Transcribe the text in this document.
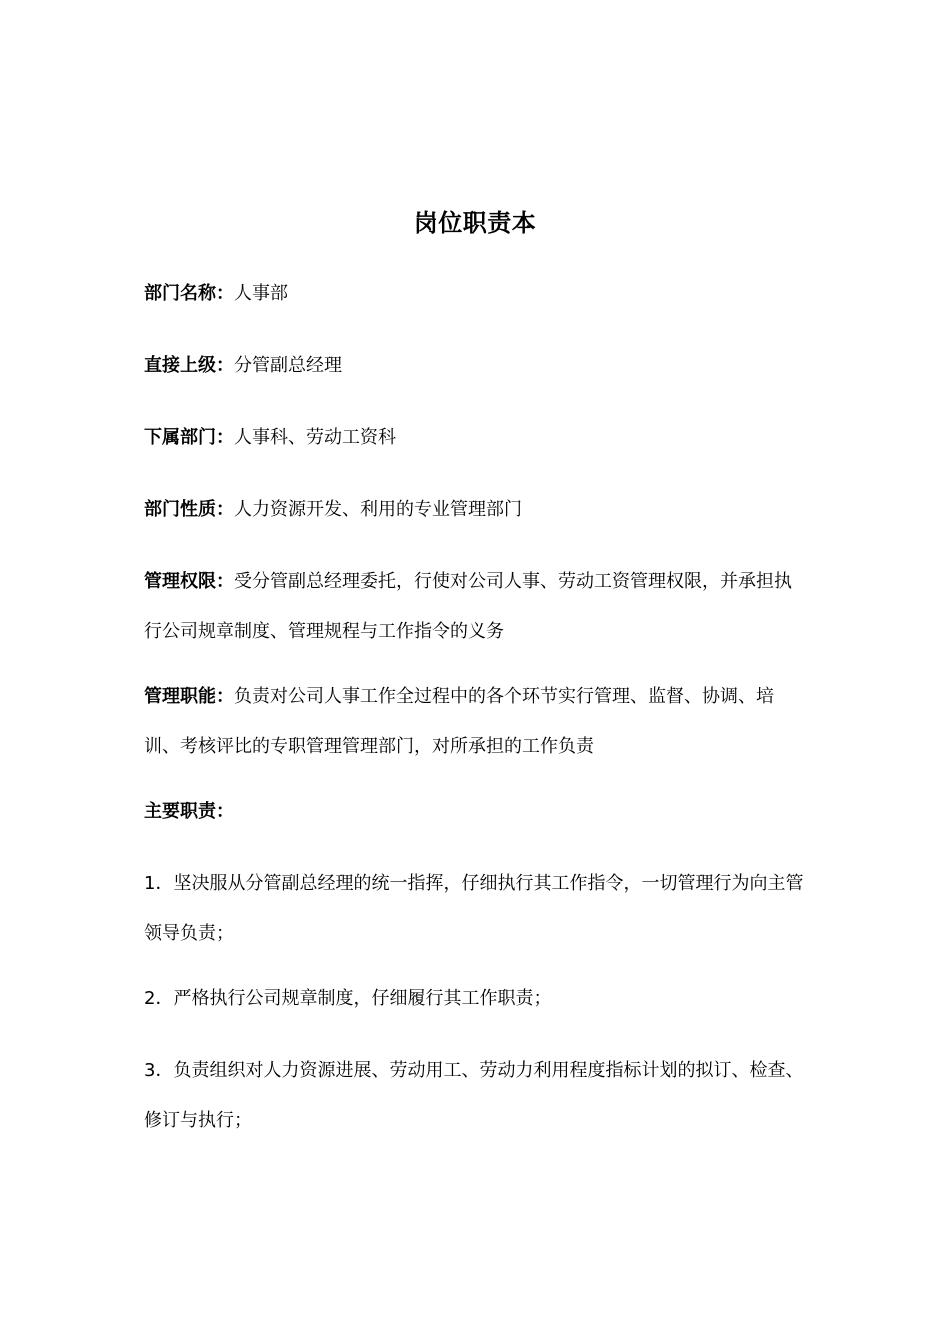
岗位职责本

部门名称：人事部

直接上级：分管副总经理

下属部门：人事科、劳动工资科

部门性质：人力资源开发、利用的专业管理部门

管理权限：受分管副总经理委托，行使对公司人事、劳动工资管理权限，并承担执行公司规章制度、管理规程与工作指令的义务

管理职能：负责对公司人事工作全过程中的各个环节实行管理、监督、协调、培训、考核评比的专职管理管理部门，对所承担的工作负责

主要职责：

1．坚决服从分管副总经理的统一指挥，仔细执行其工作指令，一切管理行为向主管领导负责；

2．严格执行公司规章制度，仔细履行其工作职责；

3．负责组织对人力资源进展、劳动用工、劳动力利用程度指标计划的拟订、检查、修订与执行；
